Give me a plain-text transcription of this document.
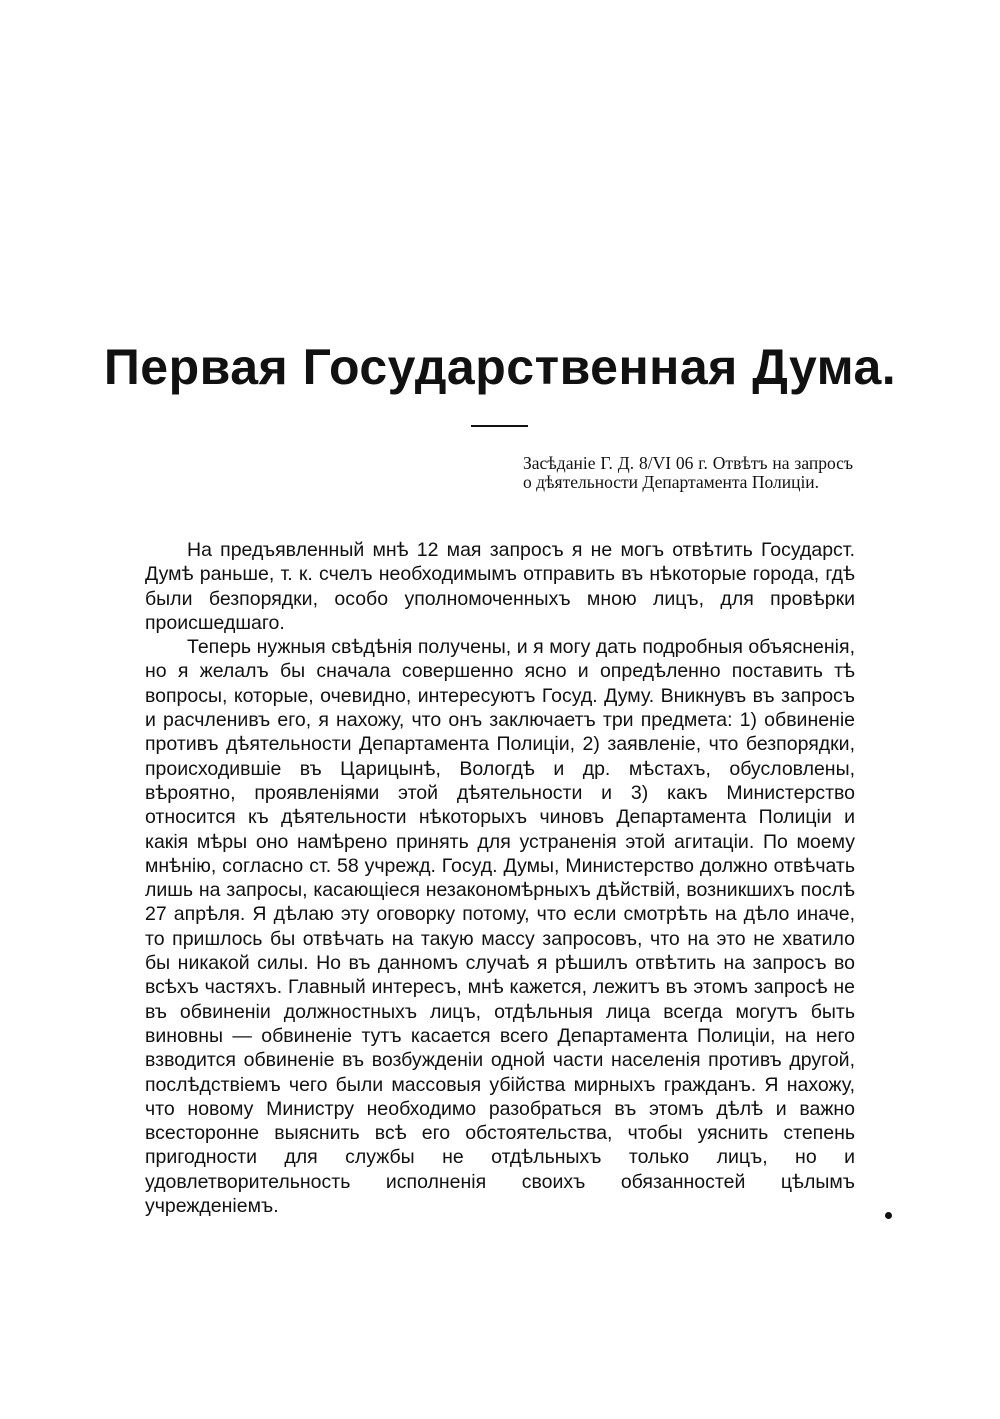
Первая Государственная Дума.
Засѣданіе Г. Д. 8/VI 06 г. Отвѣтъ на запросъ о дѣятельности Департамента Полиціи.

На предъявленный мнѣ 12 мая запросъ я не могъ отвѣтить Государст. Думѣ раньше, т. к. счелъ необходимымъ отправить въ нѣкоторые города, гдѣ были безпорядки, особо уполномоченныхъ мною лицъ, для провѣрки происшедшаго.

Теперь нужныя свѣдѣнія получены, и я могу дать подробныя объясненія, но я желалъ бы сначала совершенно ясно и опредѣленно поставить тѣ вопросы, которые, очевидно, интересуютъ Госуд. Думу. Вникнувъ въ запросъ и расчленивъ его, я нахожу, что онъ заключаетъ три предмета: 1) обвиненіе противъ дѣятельности Департамента Полиціи, 2) заявленіе, что безпорядки, происходившіе въ Царицынѣ, Вологдѣ и др. мѣстахъ, обусловлены, вѣроятно, проявленіями этой дѣятельности и 3) какъ Министерство относится къ дѣятельности нѣкоторыхъ чиновъ Департамента Полиціи и какія мѣры оно намѣрено принять для устраненія этой агитаціи. По моему мнѣнію, согласно ст. 58 учрежд. Госуд. Думы, Министерство должно отвѣчать лишь на запросы, касающіеся незакономѣрныхъ дѣйствій, возникшихъ послѣ 27 апрѣля. Я дѣлаю эту оговорку потому, что если смотрѣть на дѣло иначе, то пришлось бы отвѣчать на такую массу запросовъ, что на это не хватило бы никакой силы. Но въ данномъ случаѣ я рѣшилъ отвѣтить на запросъ во всѣхъ частяхъ. Главный интересъ, мнѣ кажется, лежитъ въ этомъ запросѣ не въ обвиненіи должностныхъ лицъ, отдѣльныя лица всегда могутъ быть виновны — обвиненіе тутъ касается всего Департамента Полиціи, на него взводится обвиненіе въ возбужденіи одной части населенія противъ другой, послѣдствіемъ чего были массовыя убійства мирныхъ гражданъ. Я нахожу, что новому Министру необходимо разобраться въ этомъ дѣлѣ и важно всесторонне выяснить всѣ его обстоятельства, чтобы уяснить степень пригодности для службы не отдѣльныхъ только лицъ, но и удовлетворительность исполненія своихъ обязанностей цѣлымъ учрежденіемъ.
